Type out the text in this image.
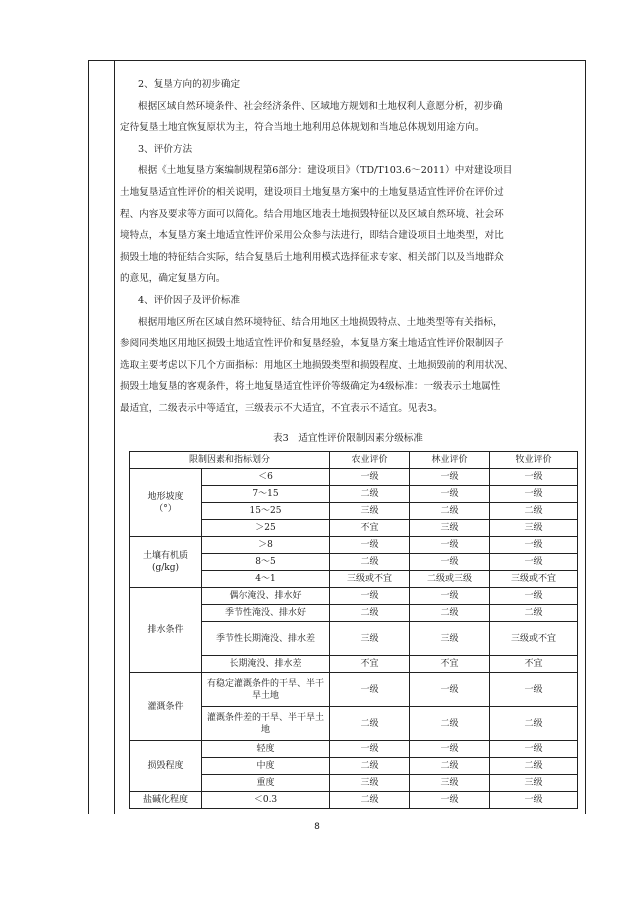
2、复垦方向的初步确定

根据区域自然环境条件、社会经济条件、区域地方规划和土地权利人意愿分析，初步确

定待复垦土地宜恢复原状为主，符合当地土地利用总体规划和当地总体规划用途方向。

3、评价方法

根据《土地复垦方案编制规程第6部分：建设项目》（TD/T103.6～2011）中对建设项目

土地复垦适宜性评价的相关说明，建设项目土地复垦方案中的土地复垦适宜性评价在评价过

程、内容及要求等方面可以简化。结合用地区地表土地损毁特征以及区域自然环境、社会环

境特点，本复垦方案土地适宜性评价采用公众参与法进行，即结合建设项目土地类型，对比

损毁土地的特征结合实际，结合复垦后土地利用模式选择征求专家、相关部门以及当地群众

的意见，确定复垦方向。

4、评价因子及评价标准

根据用地区所在区域自然环境特征、结合用地区土地损毁特点、土地类型等有关指标，

参阅同类地区用地区损毁土地适宜性评价和复垦经验，本复垦方案土地适宜性评价限制因子

选取主要考虑以下几个方面指标：用地区土地损毁类型和损毁程度、土地损毁前的利用状况、

损毁土地复垦的客观条件，将土地复垦适宜性评价等级确定为4级标准：一级表示土地属性

最适宜，二级表示中等适宜，三级表示不大适宜，不宜表示不适宜。见表3。

表3　适宜性评价限制因素分级标准
限制因素和指标划分		农业评价	林业评价	牧业评价
地形坡度
（°）	＜6	一级	一级	一级
	7～15	二级	一级	一级
	15～25	三级	二级	二级
	＞25	不宜	三级	三级
土壤有机质
(g/kg)	＞8	一级	一级	一级
	8～5	二级	一级	一级
	4～1	三级或不宜	二级或三级	三级或不宜
排水条件	偶尔淹没、排水好	一级	一级	一级
	季节性淹没、排水好	二级	二级	二级
	季节性长期淹没、排水差	三级	三级	三级或不宜
	长期淹没、排水差	不宜	不宜	不宜
灌溉条件	有稳定灌溉条件的干旱、半干旱土地	一级	一级	一级
	灌溉条件差的干旱、半干旱土地	二级	二级	二级
损毁程度	轻度	一级	一级	一级
	中度	二级	二级	二级
	重度	三级	三级	三级
盐碱化程度	＜0.3	二级	一级	一级
8
